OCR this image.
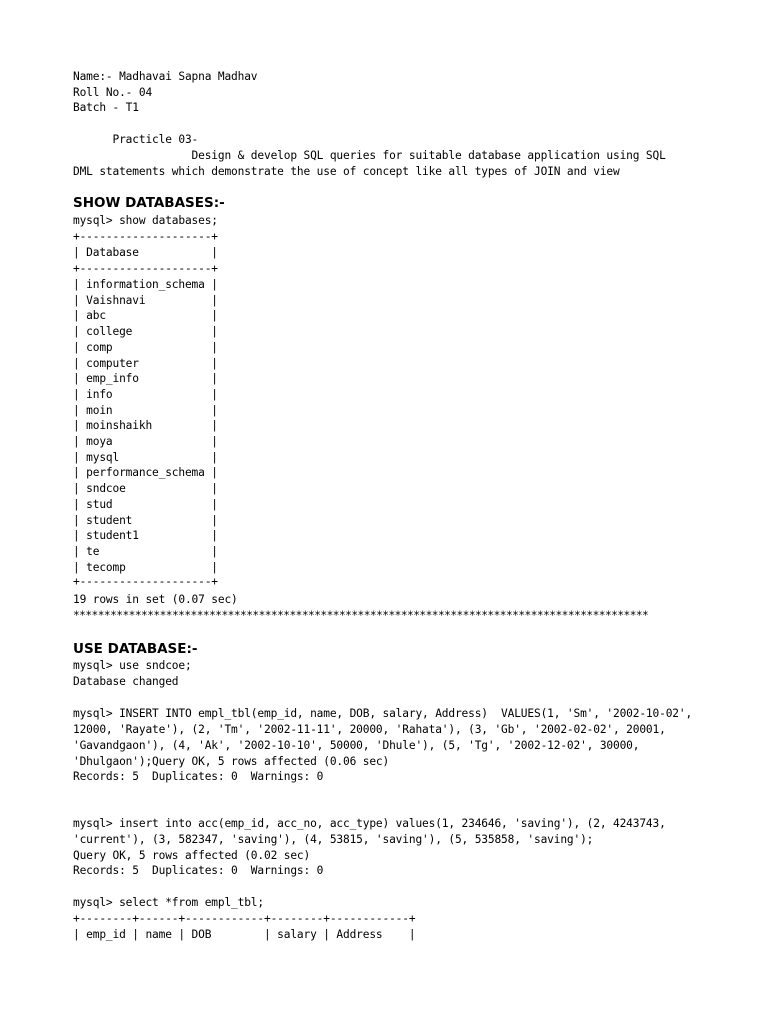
Name:- Madhavai Sapna Madhav
Roll No.- 04
Batch - T1
Practicle 03-
Design & develop SQL queries for suitable database application using SQL
DML statements which demonstrate the use of concept like all types of JOIN and view
SHOW DATABASES:-
mysql> show databases;
+--------------------+
| Database           |
+--------------------+
| information_schema |
| Vaishnavi          |
| abc                |
| college            |
| comp               |
| computer           |
| emp_info           |
| info               |
| moin               |
| moinshaikh         |
| moya               |
| mysql              |
| performance_schema |
| sndcoe             |
| stud               |
| student            |
| student1           |
| te                 |
| tecomp             |
+--------------------+
19 rows in set (0.07 sec)
*********************************************************************************************
USE DATABASE:-
mysql> use sndcoe;
Database changed
mysql> INSERT INTO empl_tbl(emp_id, name, DOB, salary, Address)  VALUES(1, 'Sm', '2002-10-02',
12000, 'Rayate'), (2, 'Tm', '2002-11-11', 20000, 'Rahata'), (3, 'Gb', '2002-02-02', 20001,
'Gavandgaon'), (4, 'Ak', '2002-10-10', 50000, 'Dhule'), (5, 'Tg', '2002-12-02', 30000,
'Dhulgaon');Query OK, 5 rows affected (0.06 sec)
Records: 5  Duplicates: 0  Warnings: 0
mysql> insert into acc(emp_id, acc_no, acc_type) values(1, 234646, 'saving'), (2, 4243743,
'current'), (3, 582347, 'saving'), (4, 53815, 'saving'), (5, 535858, 'saving');
Query OK, 5 rows affected (0.02 sec)
Records: 5  Duplicates: 0  Warnings: 0
mysql> select *from empl_tbl;
+--------+------+------------+--------+------------+
| emp_id | name | DOB        | salary | Address    |
